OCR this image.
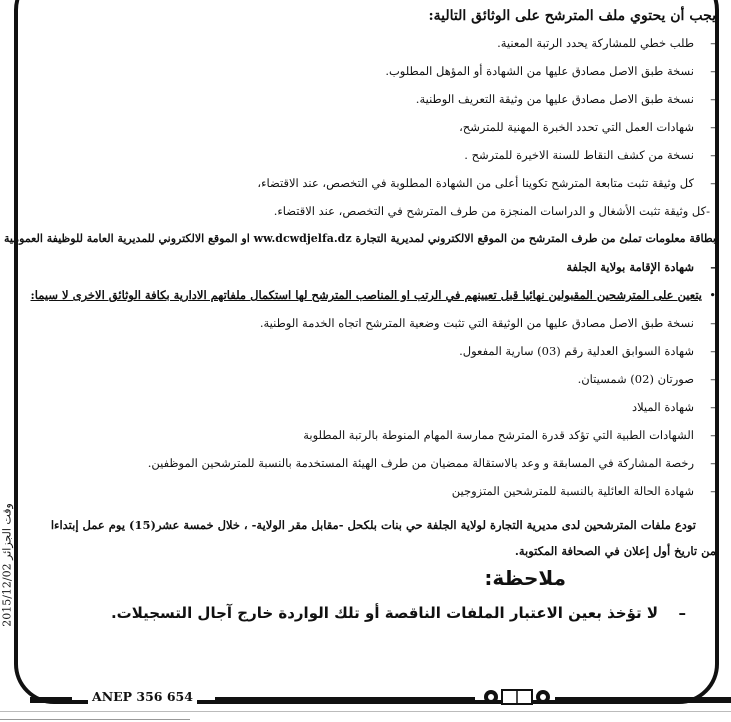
يجب أن يحتوي ملف المترشح على الوثائق التالية:
–طلب خطي للمشاركة يحدد الرتبة المعنية.
–نسخة طبق الاصل مصادق عليها من الشهادة أو المؤهل المطلوب.
–نسخة طبق الاصل مصادق عليها من وثيقة التعريف الوطنية.
–شهادات العمل التي تحدد الخبرة المهنية للمترشح،
–نسخة من كشف النقاط للسنة الاخيرة للمترشح .
–كل وثيقة تثبت متابعة المترشح تكوينا أعلى من الشهادة المطلوبة في التخصص، عند الاقتضاء،
-كل وثيقة تثبت الأشغال و الدراسات المنجزة من طرف المترشح في التخصص، عند الاقتضاء.
بطاقة معلومات تملئ من طرف المترشح من الموقع الالكتروني لمديرية التجارة ww.dcwdjelfa.dz او الموقع الالكتروني للمديرية العامة للوظيفة العمومية
–شهادة الإقامة بولاية الجلفة
•يتعين على المترشحين المقبولين نهائيا قبل تعيينهم في الرتب او المناصب المترشح لها استكمال ملفاتهم الادارية بكافة الوثائق الاخرى لا سيما:
–نسخة طبق الاصل مصادق عليها من الوثيقة التي تثبت وضعية المترشح اتجاه الخدمة الوطنية.
–شهادة السوابق العدلية رقم (03) سارية المفعول.
–صورتان (02) شمسيتان.
–شهادة الميلاد
–الشهادات الطبية التي تؤكد قدرة المترشح ممارسة المهام المنوطة بالرتبة المطلوبة
–رخصة المشاركة في المسابقة و وعد بالاستقالة ممضيان من طرف الهيئة المستخدمة بالنسبة للمترشحين الموظفين.
–شهادة الحالة العائلية بالنسبة للمترشحين المتزوجين
تودع ملفات المترشحين لدى مديرية التجارة لولاية الجلفة حي بنات بلكحل -مقابل مقر الولاية- ، خلال خمسة عشر(15) يوم عمل إبتداءا
من تاريخ أول إعلان في الصحافة المكتوبة.
ملاحظة:
–لا تؤخذ بعين الاعتبار الملفات الناقصة أو تلك الواردة خارج آجال التسجيلات.
وقت الجزائر 2015/12/02
ANEP 356 654
